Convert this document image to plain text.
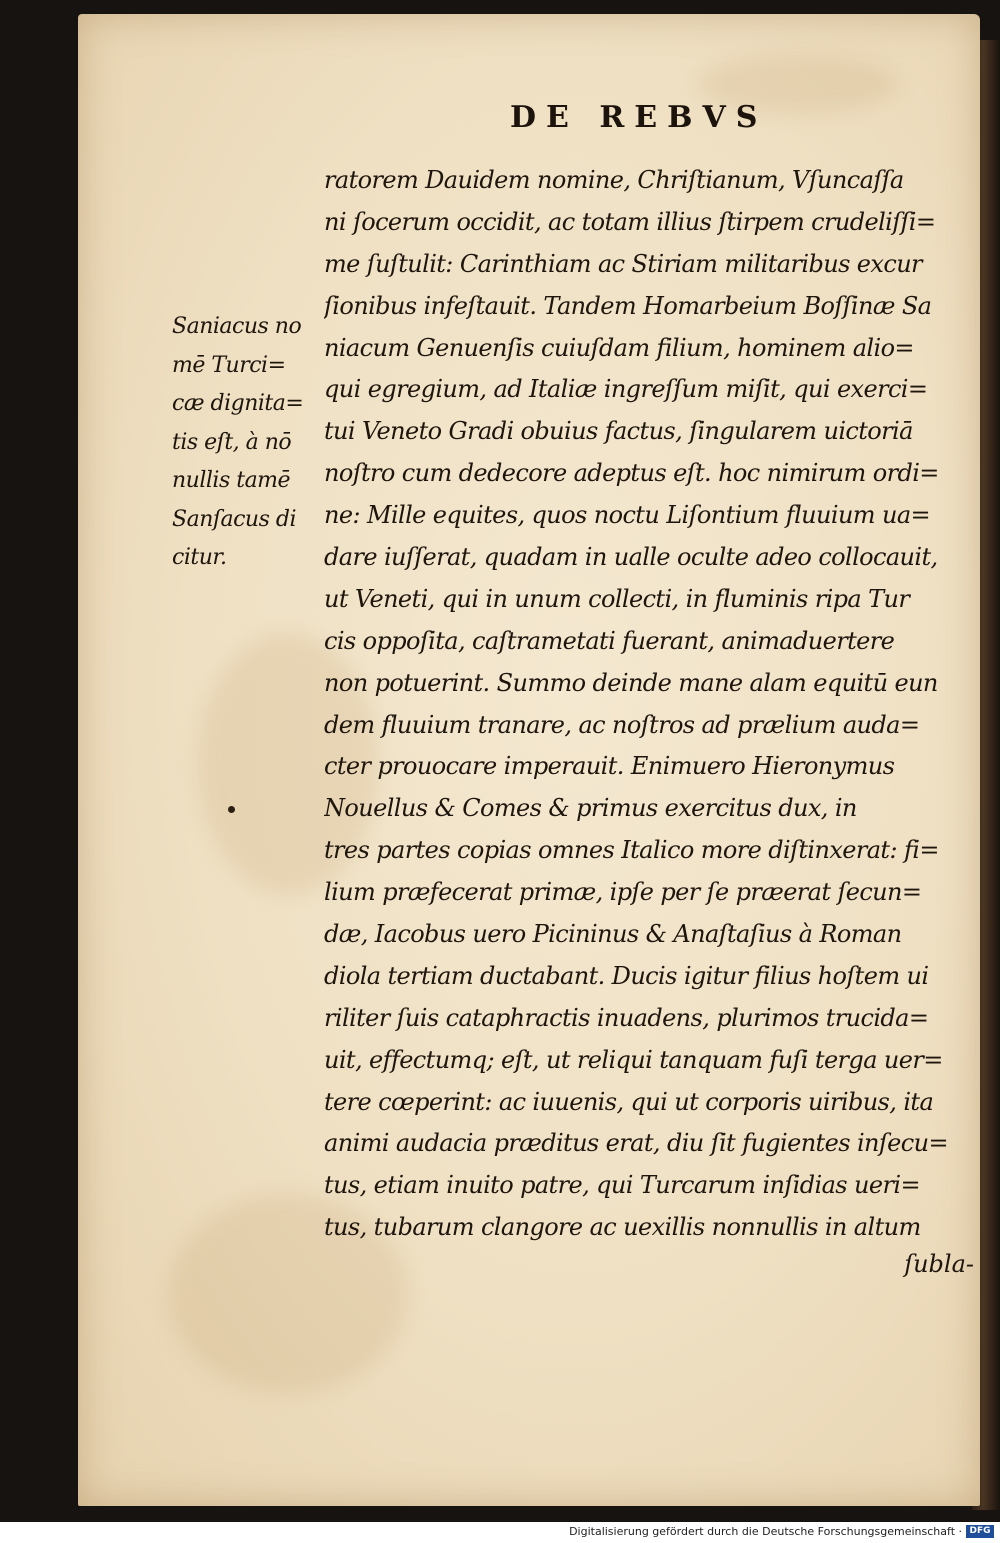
DE REBVS
Saniacus no
mē Turci=
cæ dignita=
tis eſt, à nō
nullis tamē
Sanſacus di
citur.
ratorem Dauidem nomine, Chriſtianum, Vſuncaſſa
ni ſocerum occidit, ac totam illius ſtirpem crudeliſſi=
me ſuſtulit: Carinthiam ac Stiriam militaribus excur
ſionibus infeſtauit. Tandem Homarbeium Boſſinæ Sa
niacum Genuenſis cuiuſdam filium, hominem alio=
qui egregium, ad Italiæ ingreſſum miſit, qui exerci=
tui Veneto Gradi obuius factus, ſingularem uictoriā
noſtro cum dedecore adeptus eſt. hoc nimirum ordi=
ne: Mille equites, quos noctu Liſontium fluuium ua=
dare iuſſerat, quadam in ualle oculte adeo collocauit,
ut Veneti, qui in unum collecti, in fluminis ripa Tur
cis oppoſita, caſtrametati fuerant, animaduertere
non potuerint. Summo deinde mane alam equitū eun
dem fluuium tranare, ac noſtros ad prælium auda=
cter prouocare imperauit. Enimuero Hieronymus
Nouellus & Comes & primus exercitus dux, in
tres partes copias omnes Italico more diſtinxerat: fi=
lium præfecerat primæ, ipſe per ſe præerat ſecun=
dæ, Iacobus uero Picininus & Anaſtaſius à Roman
diola tertiam ductabant. Ducis igitur filius hoſtem ui
riliter ſuis cataphractis inuadens, plurimos trucida=
uit, effectumq; eſt, ut reliqui tanquam fuſi terga uer=
tere cœperint: ac iuuenis, qui ut corporis uiribus, ita
animi audacia præditus erat, diu ſit fugientes inſecu=
tus, etiam inuito patre, qui Turcarum inſidias ueri=
tus, tubarum clangore ac uexillis nonnullis in altum
ſubla-
Digitalisierung gefördert durch die Deutsche Forschungsgemeinschaft · DFG
